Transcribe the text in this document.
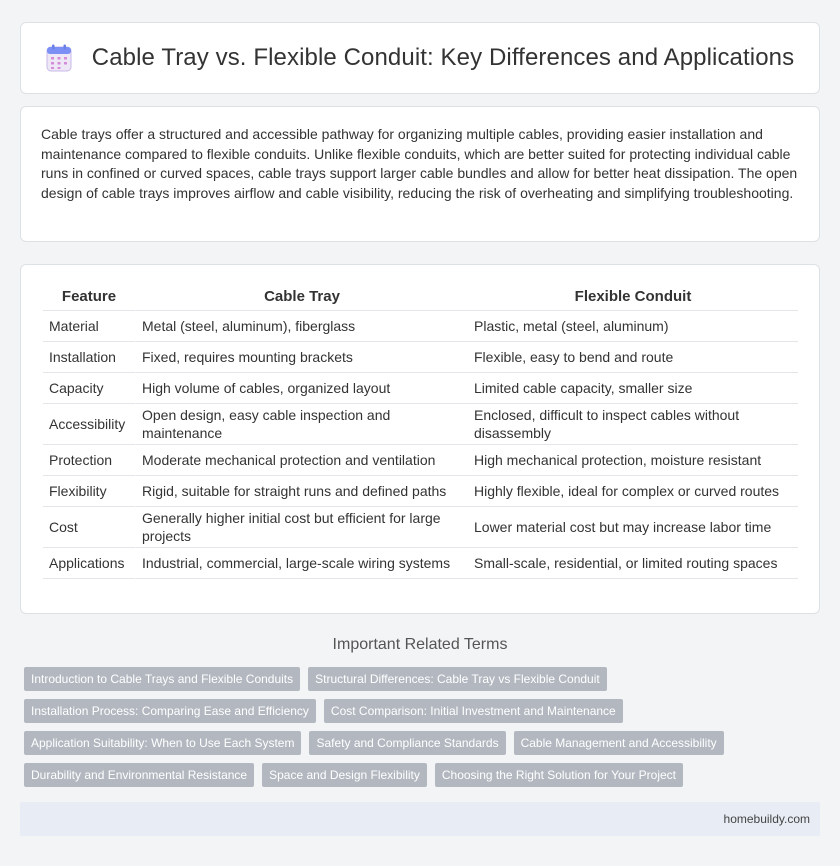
Cable Tray vs. Flexible Conduit: Key Differences and Applications

Cable trays offer a structured and accessible pathway for organizing multiple cables, providing easier installation and maintenance compared to flexible conduits. Unlike flexible conduits, which are better suited for protecting individual cable runs in confined or curved spaces, cable trays support larger cable bundles and allow for better heat dissipation. The open design of cable trays improves airflow and cable visibility, reducing the risk of overheating and simplifying troubleshooting.

Feature	Cable Tray	Flexible Conduit
Material	Metal (steel, aluminum), fiberglass	Plastic, metal (steel, aluminum)
Installation	Fixed, requires mounting brackets	Flexible, easy to bend and route
Capacity	High volume of cables, organized layout	Limited cable capacity, smaller size
Accessibility	Open design, easy cable inspection and maintenance	Enclosed, difficult to inspect cables without disassembly
Protection	Moderate mechanical protection and ventilation	High mechanical protection, moisture resistant
Flexibility	Rigid, suitable for straight runs and defined paths	Highly flexible, ideal for complex or curved routes
Cost	Generally higher initial cost but efficient for large projects	Lower material cost but may increase labor time
Applications	Industrial, commercial, large-scale wiring systems	Small-scale, residential, or limited routing spaces
Important Related Terms
Introduction to Cable Trays and Flexible Conduits	Structural Differences: Cable Tray vs Flexible Conduit
Installation Process: Comparing Ease and Efficiency	Cost Comparison: Initial Investment and Maintenance
Application Suitability: When to Use Each System	Safety and Compliance Standards	Cable Management and Accessibility
Durability and Environmental Resistance	Space and Design Flexibility	Choosing the Right Solution for Your Project
homebuildy.com
